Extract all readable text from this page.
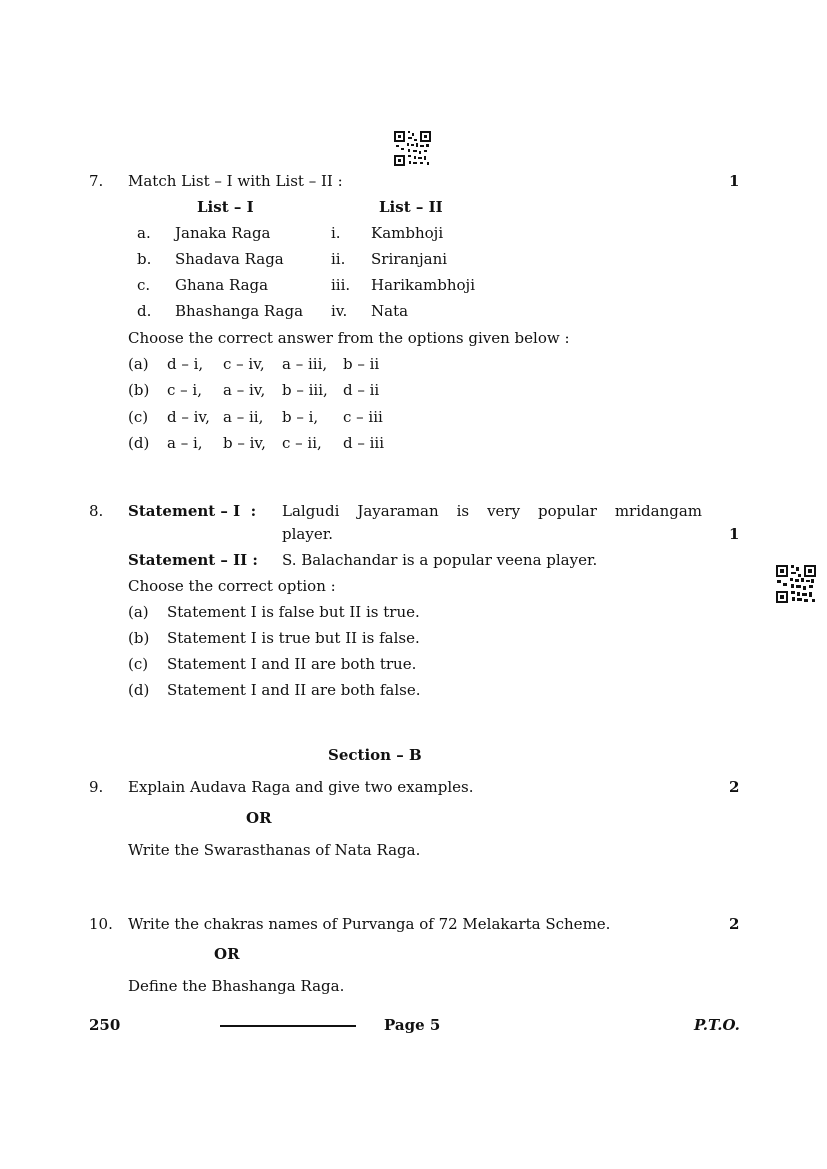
7. Match List – I with List – II :	1
List – I	List – II
a. Janaka Raga	i. Kambhoji
b. Shadava Raga	ii. Sriranjani
c. Ghana Raga	iii. Harikambhoji
d. Bhashanga Raga iv. Nata
Choose the correct answer from the options given below :
(a) d – i, c – iv, a – iii, b – ii
(b) c – i, a – iv, b – iii, d – ii
(c) d – iv, a – ii, b – i, c – iii
(d) a – i, b – iv, c – ii, d – iii
8. Statement – I  : Lalgudi Jayaraman is very popular mridangam
player.	1
Statement – II : S. Balachandar is a popular veena player.
Choose the correct option :
(a) Statement I is false but II is true.
(b) Statement I is true but II is false.
(c) Statement I and II are both true.
(d) Statement I and II are both false.
Section – B
9. Explain Audava Raga and give two examples.	2
OR
Write the Swarasthanas of Nata Raga.
10. Write the chakras names of Purvanga of 72 Melakarta Scheme.	2
OR
Define the Bhashanga Raga.
250	Page 5	P.T.O.
